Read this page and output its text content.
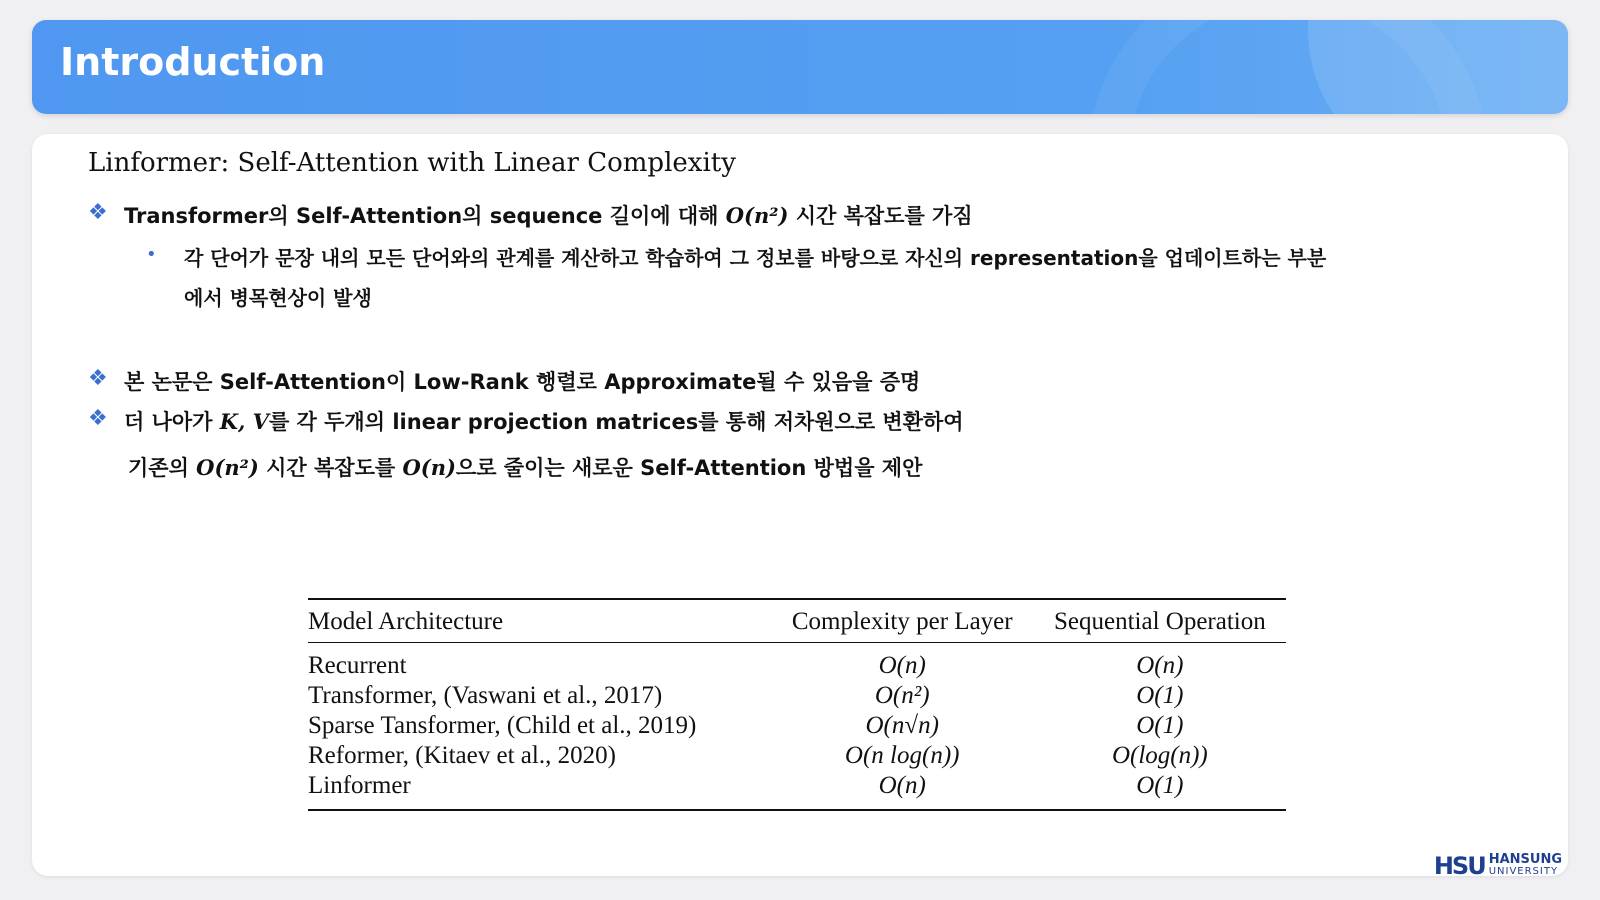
Introduction
Linformer: Self-Attention with Linear Complexity
❖ Transformer의 Self-Attention의 sequence 길이에 대해 O(n²) 시간 복잡도를 가짐
• 각 단어가 문장 내의 모든 단어와의 관계를 계산하고 학습하여 그 정보를 바탕으로 자신의 representation을 업데이트하는 부분
에서 병목현상이 발생
❖ 본 논문은 Self-Attention이 Low-Rank 행렬로 Approximate될 수 있음을 증명
❖ 더 나아가 K, V를 각 두개의 linear projection matrices를 통해 저차원으로 변환하여
기존의 O(n²) 시간 복잡도를 O(n)으로 줄이는 새로운 Self-Attention 방법을 제안
Model Architecture	Complexity per Layer	Sequential Operation
Recurrent	O(n)	O(n)
Transformer, (Vaswani et al., 2017)	O(n²)	O(1)
Sparse Tansformer, (Child et al., 2019)	O(n√n)	O(1)
Reformer, (Kitaev et al., 2020)	O(n log(n))	O(log(n))
Linformer	O(n)	O(1)
HSU HANSUNG
UNIVERSITY
